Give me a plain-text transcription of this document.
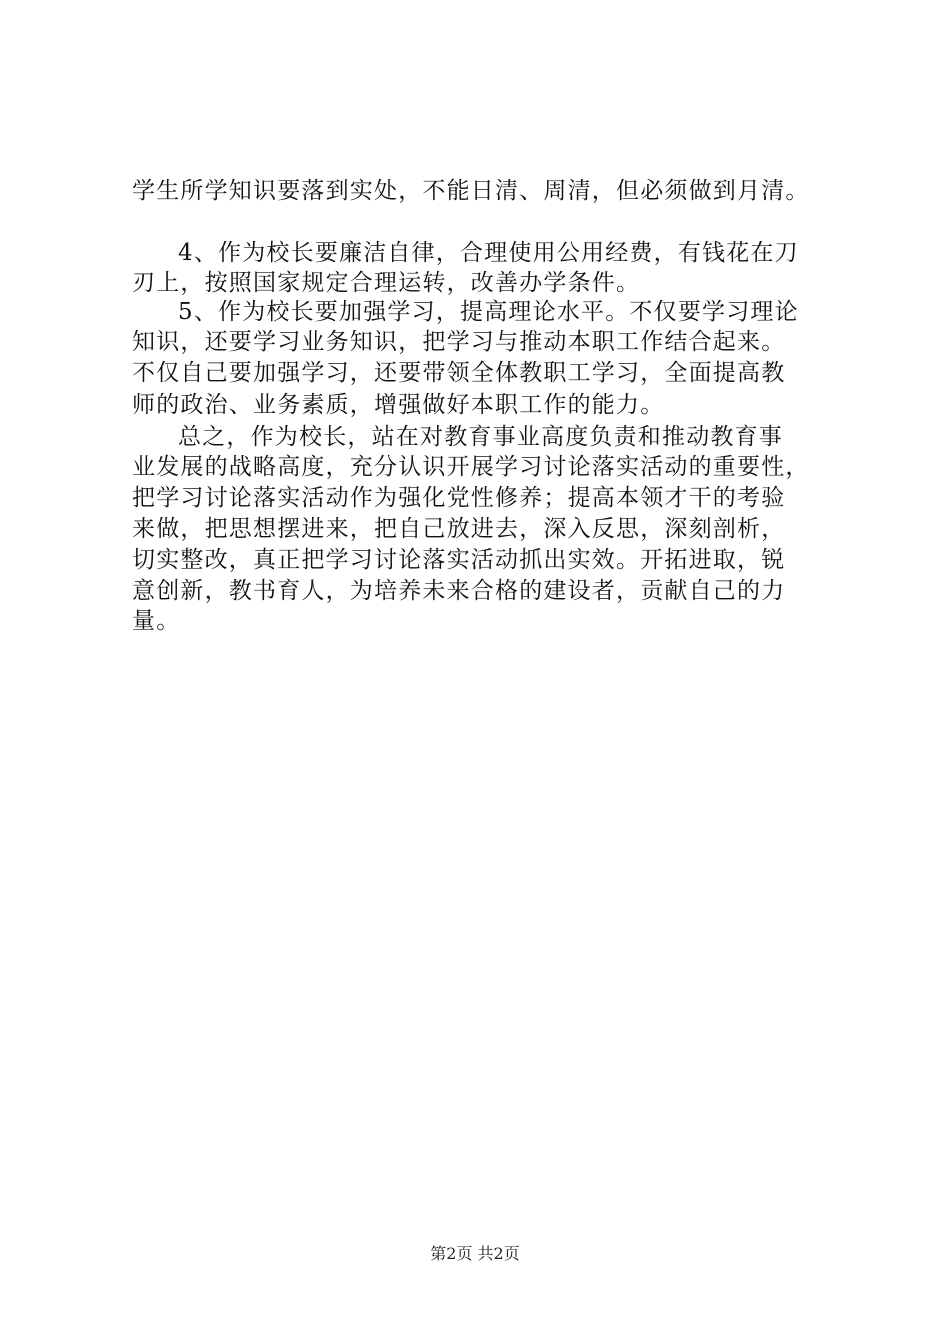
学生所学知识要落到实处，不能日清、周清，但必须做到月清。

4、作为校长要廉洁自律，合理使用公用经费，有钱花在刀

刃上，按照国家规定合理运转，改善办学条件。

5、作为校长要加强学习，提高理论水平。不仅要学习理论

知识，还要学习业务知识，把学习与推动本职工作结合起来。

不仅自己要加强学习，还要带领全体教职工学习，全面提高教

师的政治、业务素质，增强做好本职工作的能力。

总之，作为校长，站在对教育事业高度负责和推动教育事

业发展的战略高度，充分认识开展学习讨论落实活动的重要性，

把学习讨论落实活动作为强化党性修养；提高本领才干的考验

来做，把思想摆进来，把自己放进去，深入反思，深刻剖析，

切实整改，真正把学习讨论落实活动抓出实效。开拓进取，锐

意创新，教书育人，为培养未来合格的建设者，贡献自己的力

量。

第2页 共2页
